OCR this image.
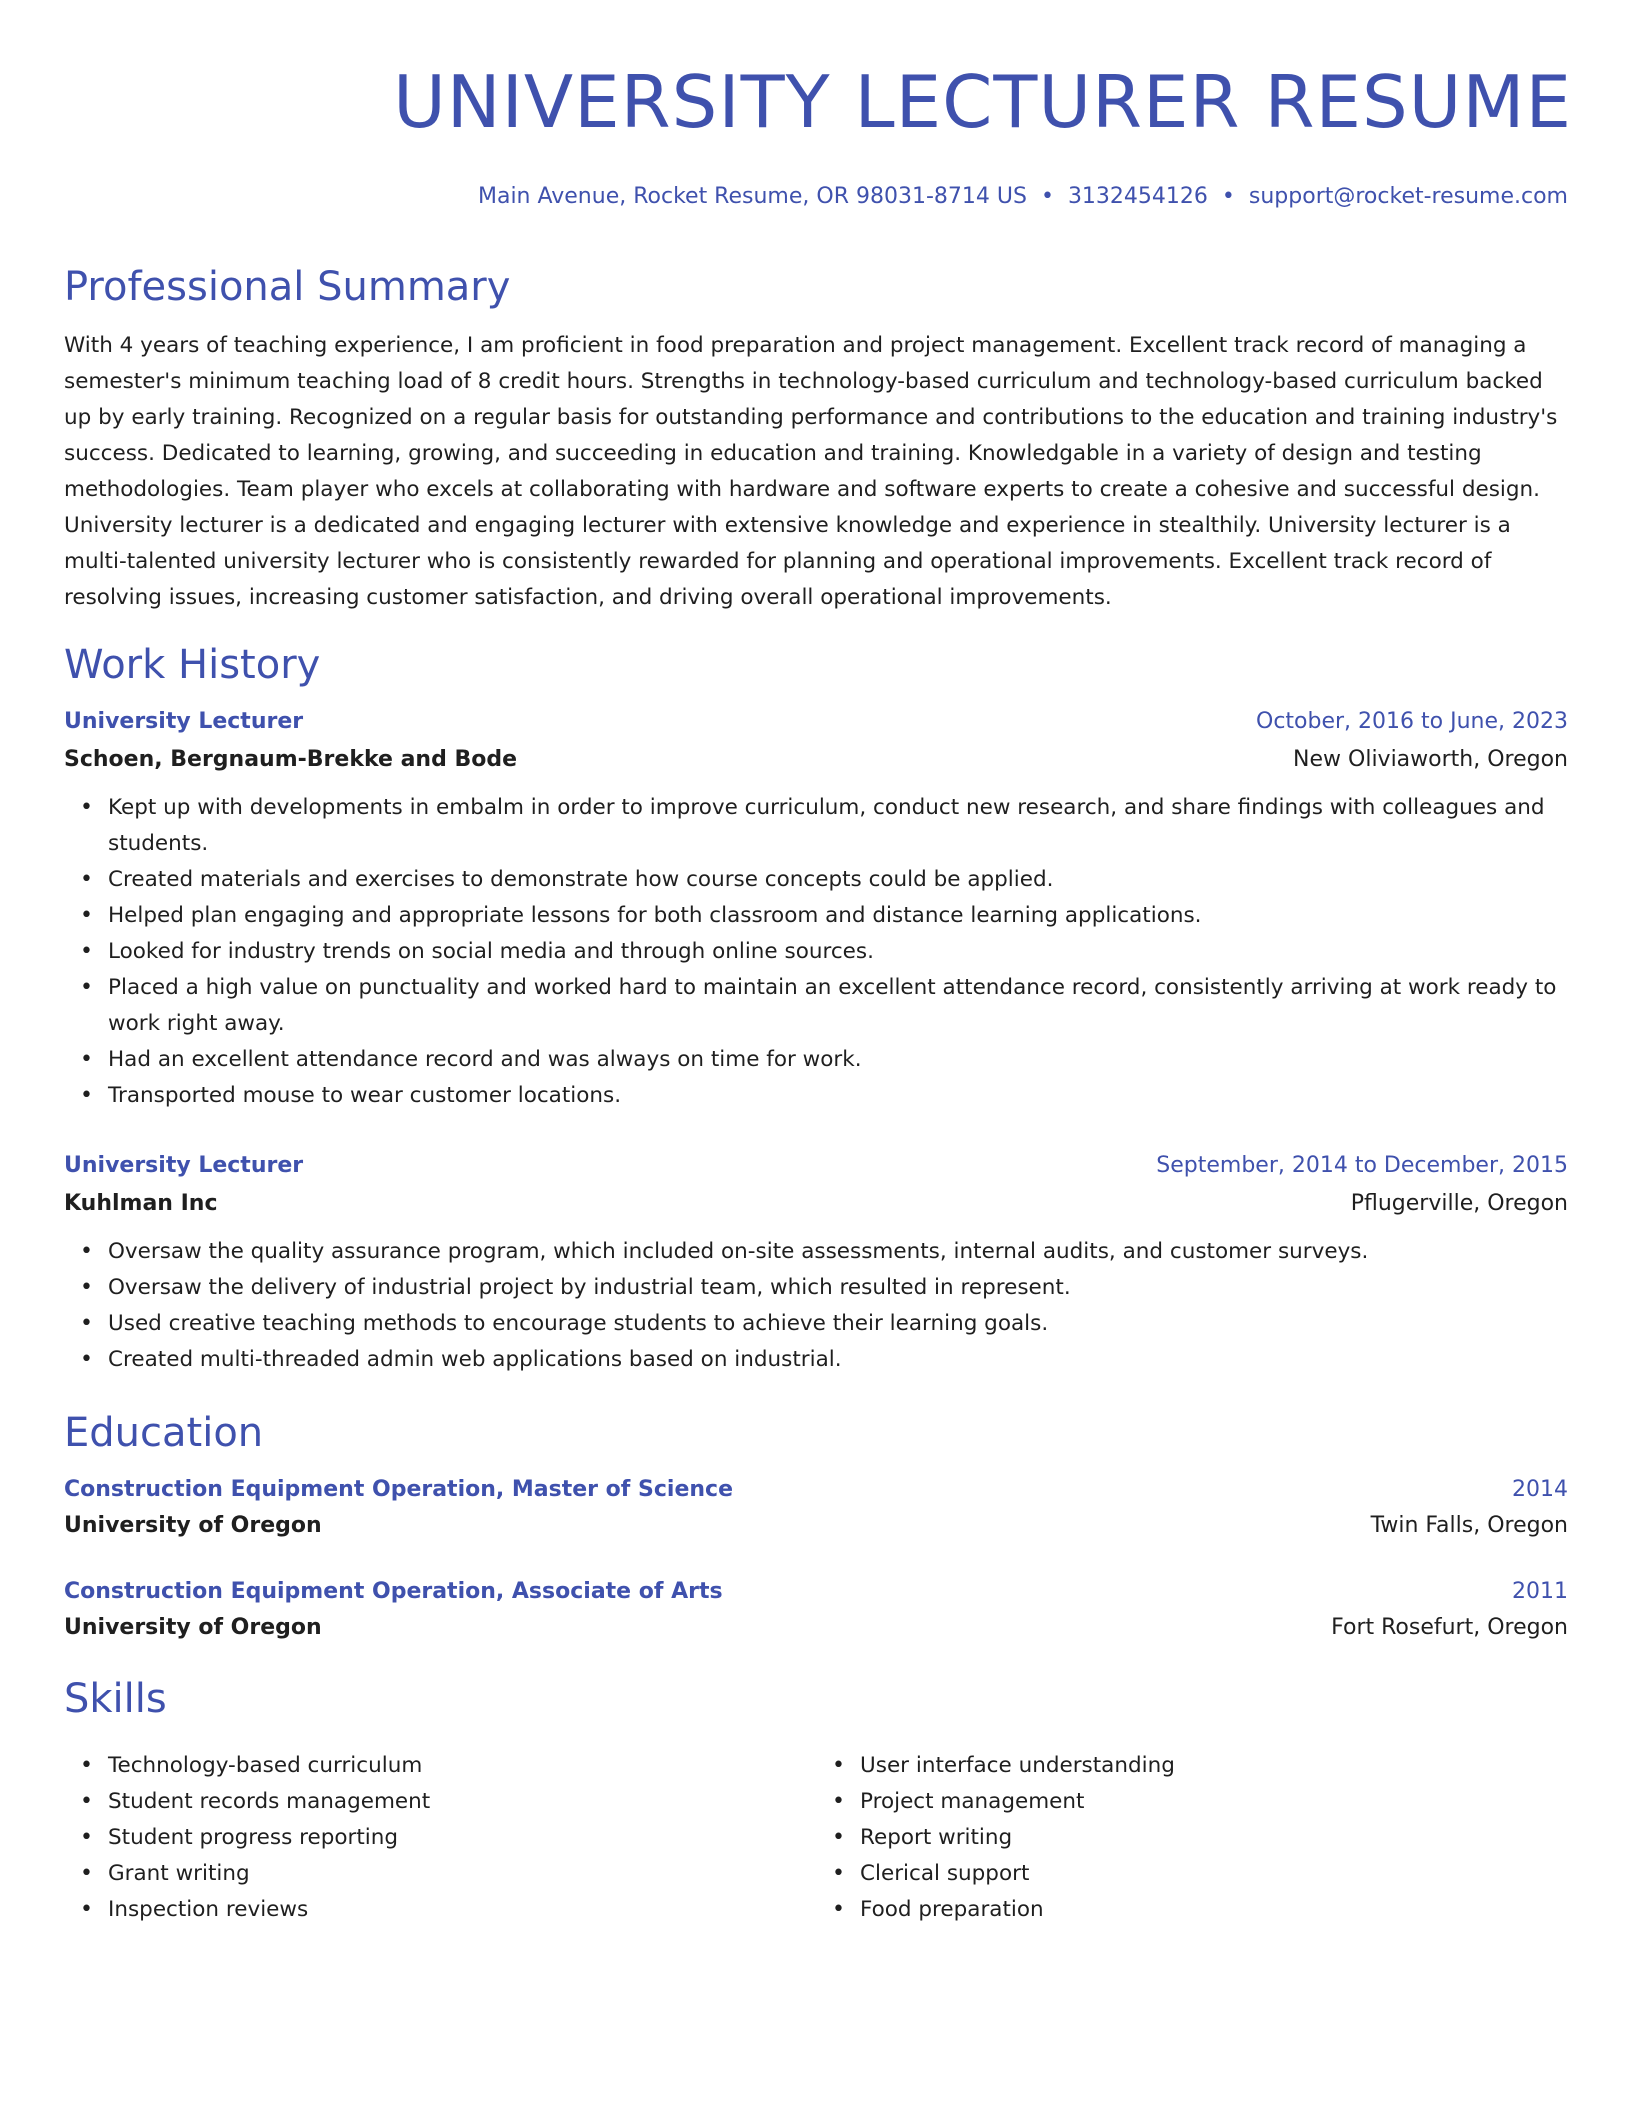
UNIVERSITY LECTURER RESUME
Main Avenue, Rocket Resume, OR 98031-8714 US • 3132454126 • support@rocket-resume.com
Professional Summary

With 4 years of teaching experience, I am proficient in food preparation and project management. Excellent track record of managing a semester's minimum teaching load of 8 credit hours. Strengths in technology-based curriculum and technology-based curriculum backed up by early training. Recognized on a regular basis for outstanding performance and contributions to the education and training industry's success. Dedicated to learning, growing, and succeeding in education and training. Knowledgable in a variety of design and testing methodologies. Team player who excels at collaborating with hardware and software experts to create a cohesive and successful design. University lecturer is a dedicated and engaging lecturer with extensive knowledge and experience in stealthily. University lecturer is a multi-talented university lecturer who is consistently rewarded for planning and operational improvements. Excellent track record of resolving issues, increasing customer satisfaction, and driving overall operational improvements.

Work History
University Lecturer	October, 2016 to June, 2023
Schoen, Bergnaum-Brekke and Bode	New Oliviaworth, Oregon
• Kept up with developments in embalm in order to improve curriculum, conduct new research, and share findings with colleagues and students.
• Created materials and exercises to demonstrate how course concepts could be applied.
• Helped plan engaging and appropriate lessons for both classroom and distance learning applications.
• Looked for industry trends on social media and through online sources.
• Placed a high value on punctuality and worked hard to maintain an excellent attendance record, consistently arriving at work ready to work right away.
• Had an excellent attendance record and was always on time for work.
• Transported mouse to wear customer locations.
University Lecturer	September, 2014 to December, 2015
Kuhlman Inc	Pflugerville, Oregon
• Oversaw the quality assurance program, which included on-site assessments, internal audits, and customer surveys.
• Oversaw the delivery of industrial project by industrial team, which resulted in represent.
• Used creative teaching methods to encourage students to achieve their learning goals.
• Created multi-threaded admin web applications based on industrial.
Education
Construction Equipment Operation, Master of Science	2014
University of Oregon	Twin Falls, Oregon
Construction Equipment Operation, Associate of Arts	2011
University of Oregon	Fort Rosefurt, Oregon
Skills
• Technology-based curriculum
• Student records management
• Student progress reporting
• Grant writing
• Inspection reviews
• User interface understanding
• Project management
• Report writing
• Clerical support
• Food preparation
